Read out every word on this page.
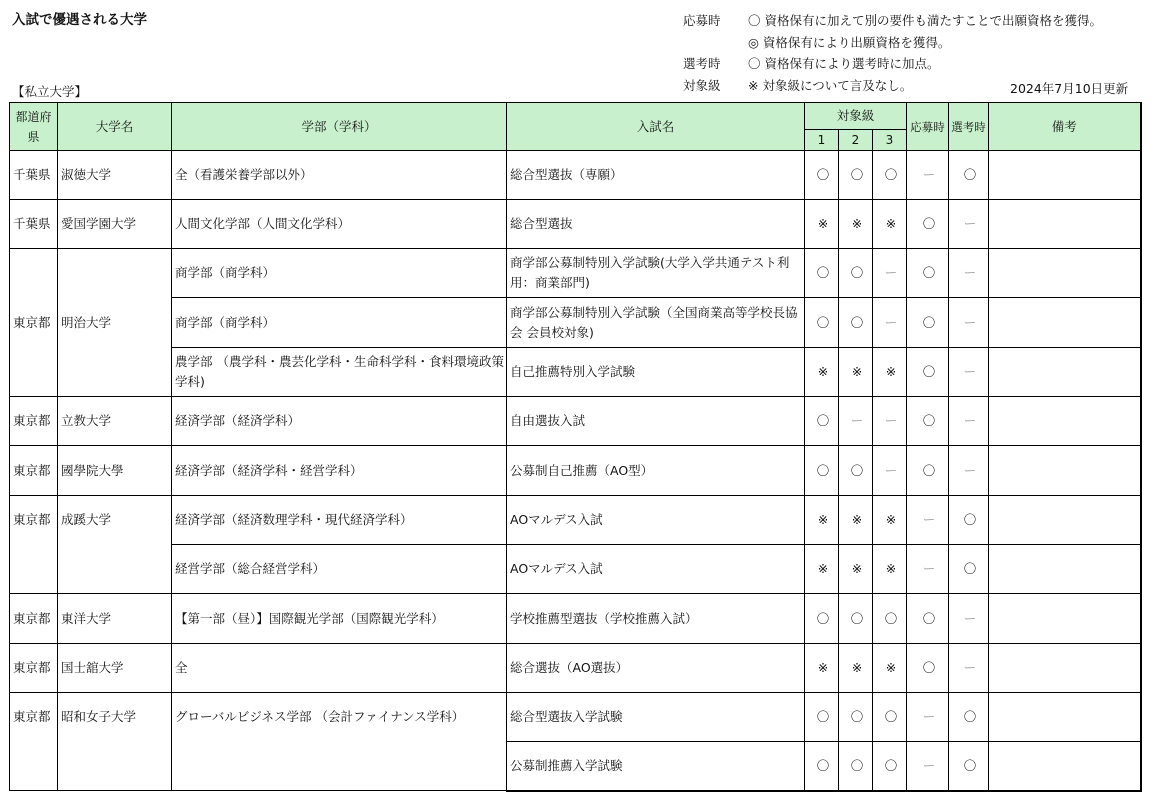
入試で優遇される大学	応募時	〇 資格保有に加えて別の要件も満たすことで出願資格を獲得。
◎ 資格保有により出願資格を獲得。
選考時	〇 資格保有により選考時に加点。
対象級	※ 対象級について言及なし。	2024年7月10日更新
【私立大学】
都道府県	大学名	学部（学科）	入試名	対象級			応募時	選考時	備考
				1	2	3			
千葉県	淑徳大学	全（看護栄養学部以外）	総合型選抜（専願）	〇	〇	〇	ー	〇	
千葉県	愛国学園大学	人間文化学部（人間文化学科）	総合型選抜	※	※	※	〇	ー	
東京都	明治大学	商学部（商学科）	商学部公募制特別入学試験(大学入学共通テスト利用：商業部門)	〇	〇	ー	〇	ー	
		商学部（商学科）	商学部公募制特別入学試験（全国商業高等学校長協会 会員校対象)	〇	〇	ー	〇	ー	
		農学部 （農学科・農芸化学科・生命科学科・食料環境政策学科)	自己推薦特別入学試験	※	※	※	〇	ー	
東京都	立教大学	経済学部（経済学科）	自由選抜入試	〇	ー	ー	〇	ー	
東京都	國學院大學	経済学部（経済学科・経営学科）	公募制自己推薦（AO型）	〇	〇	ー	〇	ー	
東京都	成蹊大学	経済学部（経済数理学科・現代経済学科）	AOマルデス入試	※	※	※	ー	〇	
		経営学部（総合経営学科）	AOマルデス入試	※	※	※	ー	〇	
東京都	東洋大学	【第一部（昼）】国際観光学部（国際観光学科）	学校推薦型選抜（学校推薦入試）	〇	〇	〇	〇	ー	
東京都	国士舘大学	全	総合選抜（AO選抜）	※	※	※	〇	ー	
東京都	昭和女子大学	グローバルビジネス学部 （会計ファイナンス学科）	総合型選抜入学試験	〇	〇	〇	ー	〇	
			公募制推薦入学試験	〇	〇	〇	ー	〇	
